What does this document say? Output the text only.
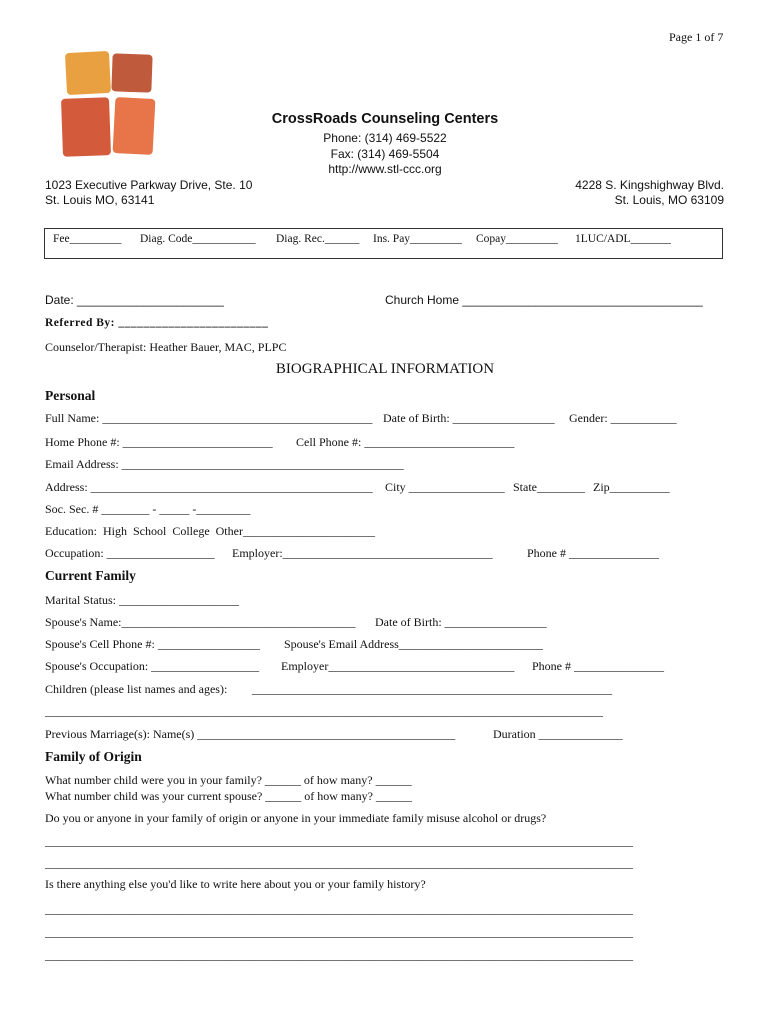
Page 1 of 7
CrossRoads Counseling Centers
Phone: (314) 469-5522
Fax: (314) 469-5504
http://www.stl-ccc.org
1023 Executive Parkway Drive, Ste. 10
St. Louis MO, 63141
4228 S. Kingshighway Blvd.
St. Louis, MO 63109
Fee_________ Diag. Code___________ Diag. Rec.______ Ins. Pay_________ Copay_________ 1LUC/ADL_______
Date: ______________________	Church Home ____________________________________
Referred By: ________________________
Counselor/Therapist: Heather Bauer, MAC, PLPC
BIOGRAPHICAL INFORMATION
Personal
Full Name: _____________________________________________ Date of Birth: _________________ Gender: ___________
Home Phone #: _________________________ Cell Phone #: _________________________
Email Address: _______________________________________________
Address: _______________________________________________ City ________________ State________ Zip__________
Soc. Sec. # ________ - _____ -_________
Education: High School College Other______________________
Occupation: __________________ Employer:___________________________________	Phone # _______________
Current Family
Marital Status: ____________________
Spouse's Name:_______________________________________ Date of Birth: _________________
Spouse's Cell Phone #: _________________ Spouse's Email Address________________________
Spouse's Occupation: __________________ Employer_______________________________ Phone # _______________
Children (please list names and ages): ____________________________________________________________
_____________________________________________________________________________________________
Previous Marriage(s): Name(s) ___________________________________________	Duration ______________
Family of Origin
What number child were you in your family? ______ of how many? ______
What number child was your current spouse? ______ of how many? ______
Do you or anyone in your family of origin or anyone in your immediate family misuse alcohol or drugs?
__________________________________________________________________________________________________
__________________________________________________________________________________________________
Is there anything else you'd like to write here about you or your family history?
__________________________________________________________________________________________________
__________________________________________________________________________________________________
__________________________________________________________________________________________________
